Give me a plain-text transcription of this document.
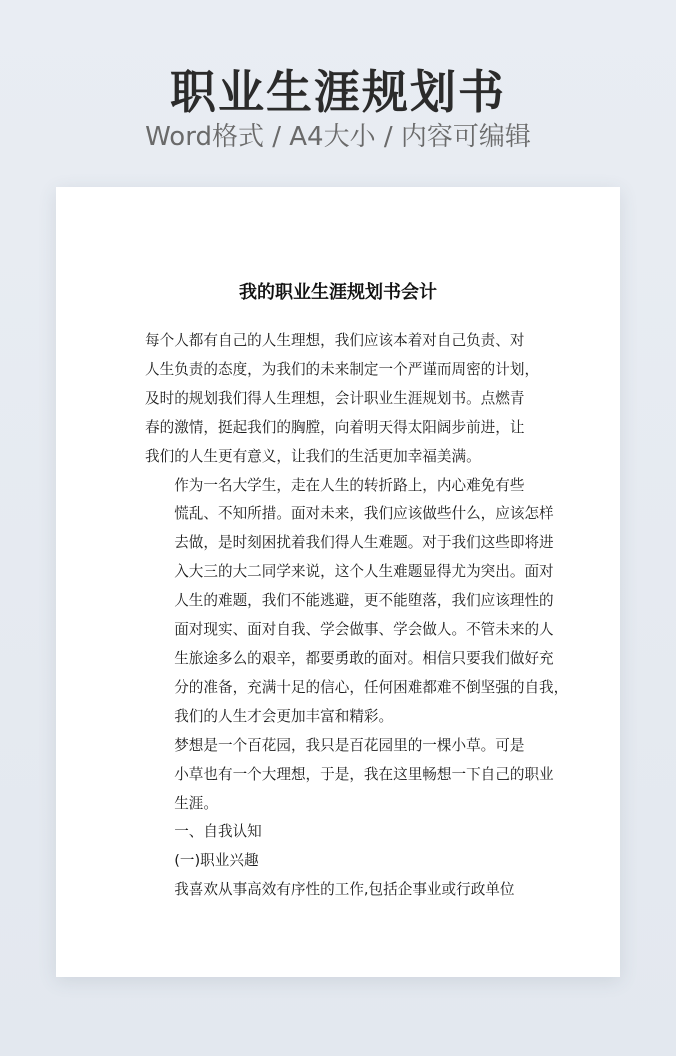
职业生涯规划书
Word格式 / A4大小 / 内容可编辑
我的职业生涯规划书会计

每个人都有自己的人生理想，我们应该本着对自己负责、对
人生负责的态度，为我们的未来制定一个严谨而周密的计划，
及时的规划我们得人生理想，会计职业生涯规划书。点燃青
春的激情，挺起我们的胸膛，向着明天得太阳阔步前进，让
我们的人生更有意义，让我们的生活更加幸福美满。

作为一名大学生，走在人生的转折路上，内心难免有些
慌乱、不知所措。面对未来，我们应该做些什么，应该怎样
去做，是时刻困扰着我们得人生难题。对于我们这些即将进
入大三的大二同学来说，这个人生难题显得尤为突出。面对
人生的难题，我们不能逃避，更不能堕落，我们应该理性的
面对现实、面对自我、学会做事、学会做人。不管未来的人
生旅途多么的艰辛，都要勇敢的面对。相信只要我们做好充
分的准备，充满十足的信心，任何困难都难不倒坚强的自我，
我们的人生才会更加丰富和精彩。

梦想是一个百花园，我只是百花园里的一棵小草。可是
小草也有一个大理想，于是，我在这里畅想一下自己的职业
生涯。

一、自我认知

(一)职业兴趣

我喜欢从事高效有序性的工作,包括企事业或行政单位
